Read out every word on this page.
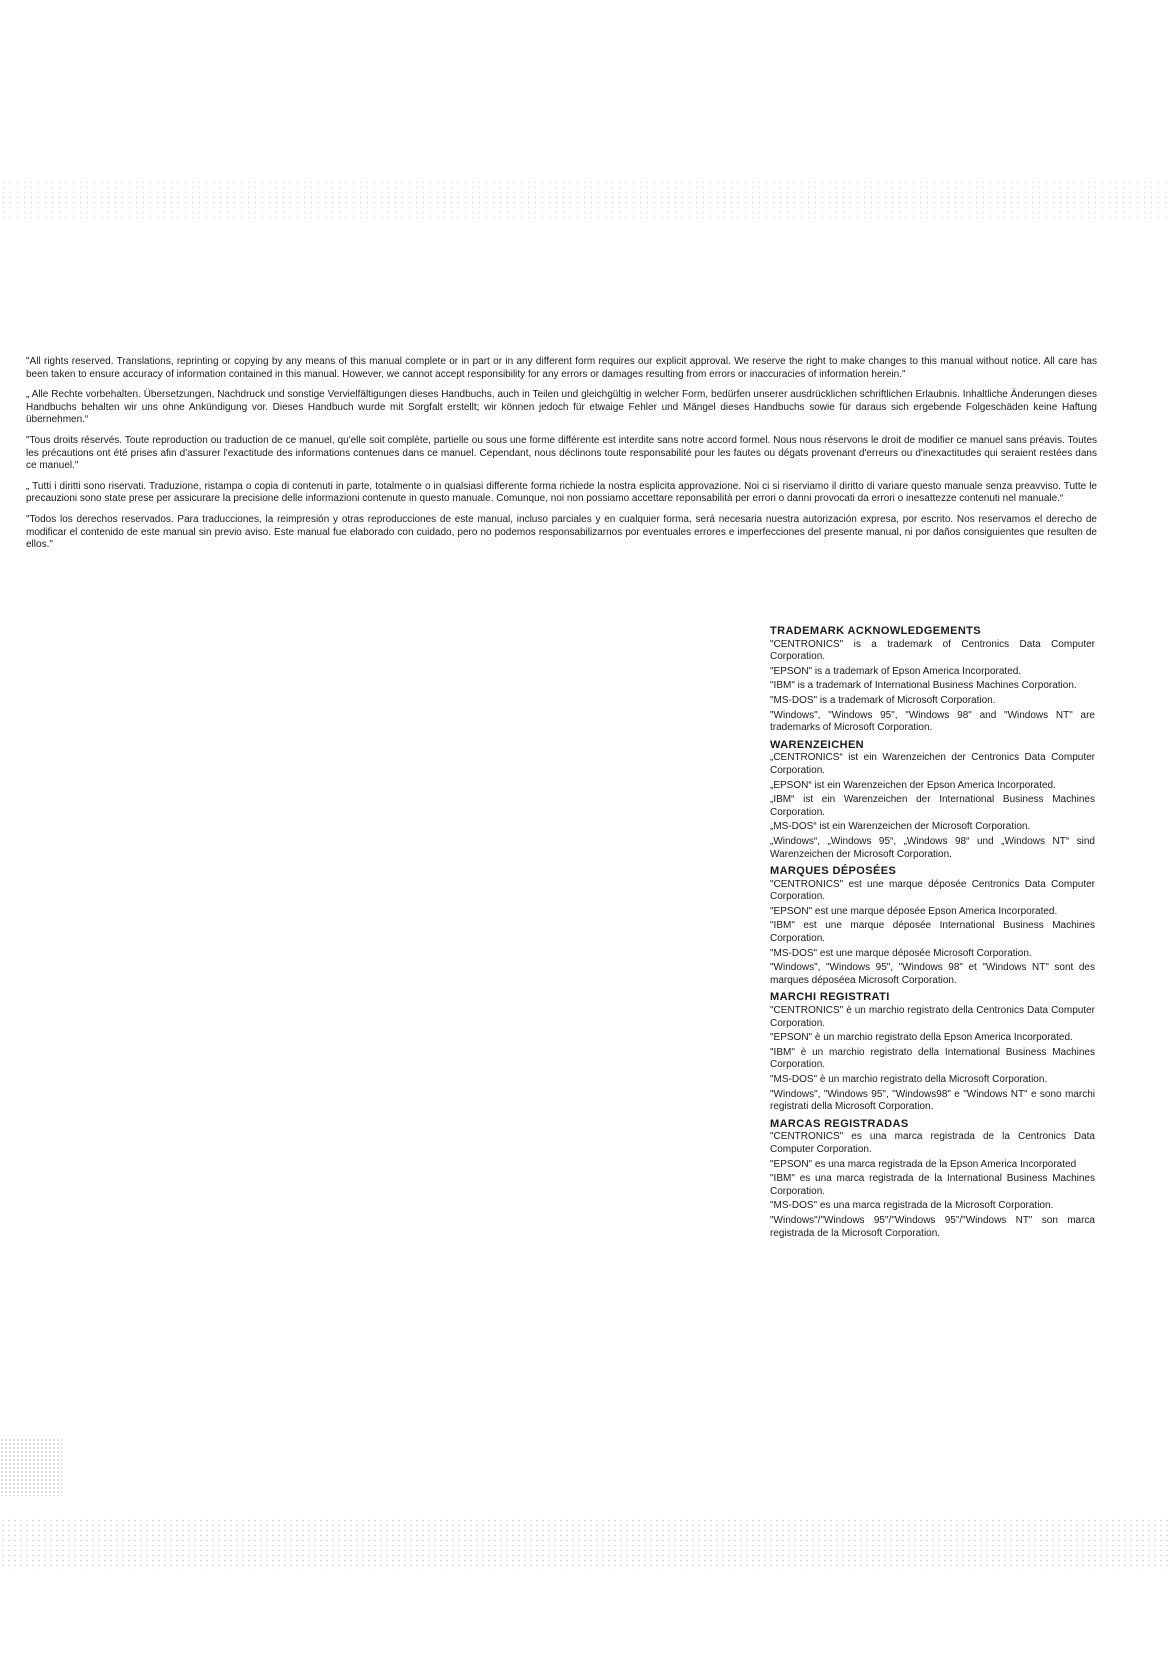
"All rights reserved. Translations, reprinting or copying by any means of this manual complete or in part or in any different form requires our explicit approval. We reserve the right to make changes to this manual without notice. All care has been taken to ensure accuracy of information contained in this manual. However, we cannot accept responsibility for any errors or damages resulting from errors or inaccuracies of information herein."

„ Alle Rechte vorbehalten. Übersetzungen, Nachdruck und sonstige Vervielfältigungen dieses Handbuchs, auch in Teilen und gleichgültig in welcher Form, bedürfen unserer ausdrücklichen schriftlichen Erlaubnis. Inhaltliche Änderungen dieses Handbuchs behalten wir uns ohne Ankündigung vor. Dieses Handbuch wurde mit Sorgfalt erstellt; wir können jedoch für etwaige Fehler und Mängel dieses Handbuchs sowie für daraus sich ergebende Folgeschäden keine Haftung übernehmen.“

"Tous droits réservés. Toute reproduction ou traduction de ce manuel, qu'elle soit complète, partielle ou sous une forme différente est interdite sans notre accord formel. Nous nous réservons le droit de modifier ce manuel sans préavis. Toutes les précautions ont été prises afin d'assurer l'exactitude des informations contenues dans ce manuel. Cependant, nous déclinons toute responsabilité pour les fautes ou dégats provenant d'erreurs ou d'inexactitudes qui seraient restées dans ce manuel."

„ Tutti i diritti sono riservati. Traduzione, ristampa o copia di contenuti in parte, totalmente o in qualsiasi differente forma richiede la nostra esplicita approvazione. Noi ci si riserviamo il diritto di variare questo manuale senza preavviso. Tutte le precauzioni sono state prese per assicurare la precisione delle informazioni contenute in questo manuale. Comunque, noi non possiamo accettare reponsabilità per errori o danni provocati da errori o inesattezze contenuti nel manuale.“

"Todos los derechos reservados. Para traducciones, la reimpresión y otras reproducciones de este manual, incluso parciales y en cualquier forma, será necesaria nuestra autorización expresa, por escrito. Nos reservamos el derecho de modificar el contenido de este manual sin previo aviso. Este manual fue elaborado con cuidado, pero no podemos responsabilizarnos por eventuales errores e imperfecciones del presente manual, ni por daños consiguientes que resulten de ellos."

TRADEMARK ACKNOWLEDGEMENTS

"CENTRONICS" is a trademark of Centronics Data Computer Corporation.

"EPSON" is a trademark of Epson America Incorporated.

"IBM" is a trademark of International Business Machines Corporation.

"MS-DOS" is a trademark of Microsoft Corporation.

"Windows", "Windows 95", "Windows 98" and "Windows NT" are trademarks of Microsoft Corporation.

WARENZEICHEN

„CENTRONICS“ ist ein Warenzeichen der Centronics Data Computer Corporation.

„EPSON“ ist ein Warenzeichen der Epson America Incorporated.

„IBM“ ist ein Warenzeichen der International Business Machines Corporation.

„MS-DOS“ ist ein Warenzeichen der Microsoft Corporation.

„Windows“, „Windows 95“, „Windows 98“ und „Windows NT“ sind Warenzeichen der Microsoft Corporation.

MARQUES DÉPOSÉES

"CENTRONICS" est une marque déposée Centronics Data Computer Corporation.

"EPSON" est une marque déposée Epson America Incorporated.

"IBM" est une marque déposée International Business Machines Corporation.

"MS-DOS" est une marque déposée Microsoft Corporation.

"Windows", "Windows 95", "Windows 98" et "Windows NT" sont des marques déposéea Microsoft Corporation.

MARCHI REGISTRATI

"CENTRONICS" è un marchio registrato della Centronics Data Computer Corporation.

"EPSON" è un marchio registrato della Epson America Incorporated.

"IBM" è un marchio registrato della International Business Machines Corporation.

"MS-DOS" è un marchio registrato della Microsoft Corporation.

"Windows", "Windows 95", "Windows98" e "Windows NT" e sono marchi registrati della Microsoft Corporation.

MARCAS REGISTRADAS

"CENTRONICS" es una marca registrada de la Centronics Data Computer Corporation.

"EPSON" es una marca registrada de la Epson America Incorporated

"IBM" es una marca registrada de la International Business Machines Corporation.

"MS-DOS" es una marca registrada de la Microsoft Corporation.

"Windows"/"Windows 95"/"Windows 95"/"Windows NT" son marca registrada de la Microsoft Corporation.
